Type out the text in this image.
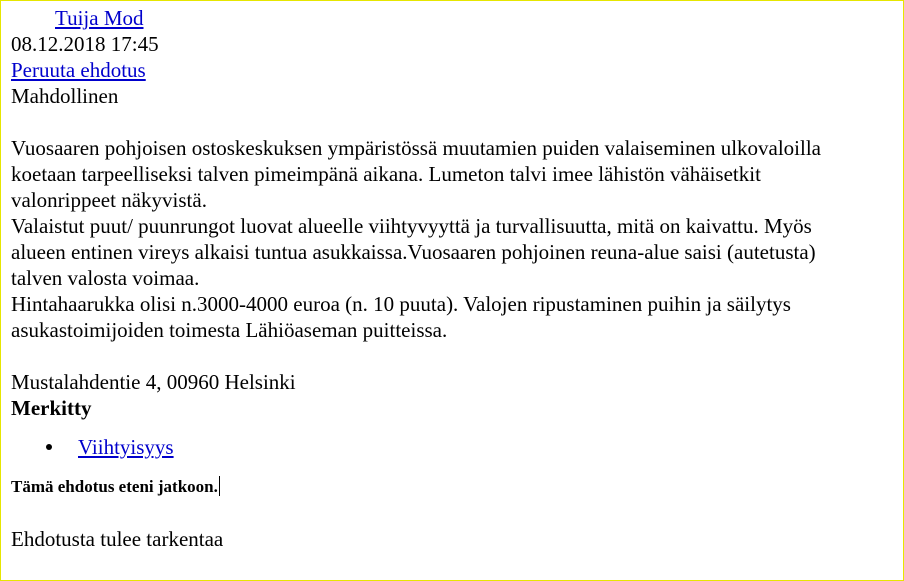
Tuija Mod
08.12.2018 17:45
Peruuta ehdotus
Mahdollinen
Vuosaaren pohjoisen ostoskeskuksen ympäristössä muutamien puiden valaiseminen ulkovaloilla
koetaan tarpeelliseksi talven pimeimpänä aikana. Lumeton talvi imee lähistön vähäisetkit
valonrippeet näkyvistä.
Valaistut puut/ puunrungot luovat alueelle viihtyvyyttä ja turvallisuutta, mitä on kaivattu. Myös
alueen entinen vireys alkaisi tuntua asukkaissa.Vuosaaren pohjoinen reuna-alue saisi (autetusta)
talven valosta voimaa.
Hintahaarukka olisi n.3000-4000 euroa (n. 10 puuta). Valojen ripustaminen puihin ja säilytys
asukastoimijoiden toimesta Lähiöaseman puitteissa.
Mustalahdentie 4, 00960 Helsinki
Merkitty
Viihtyisyys
Tämä ehdotus eteni jatkoon.
Ehdotusta tulee tarkentaa
